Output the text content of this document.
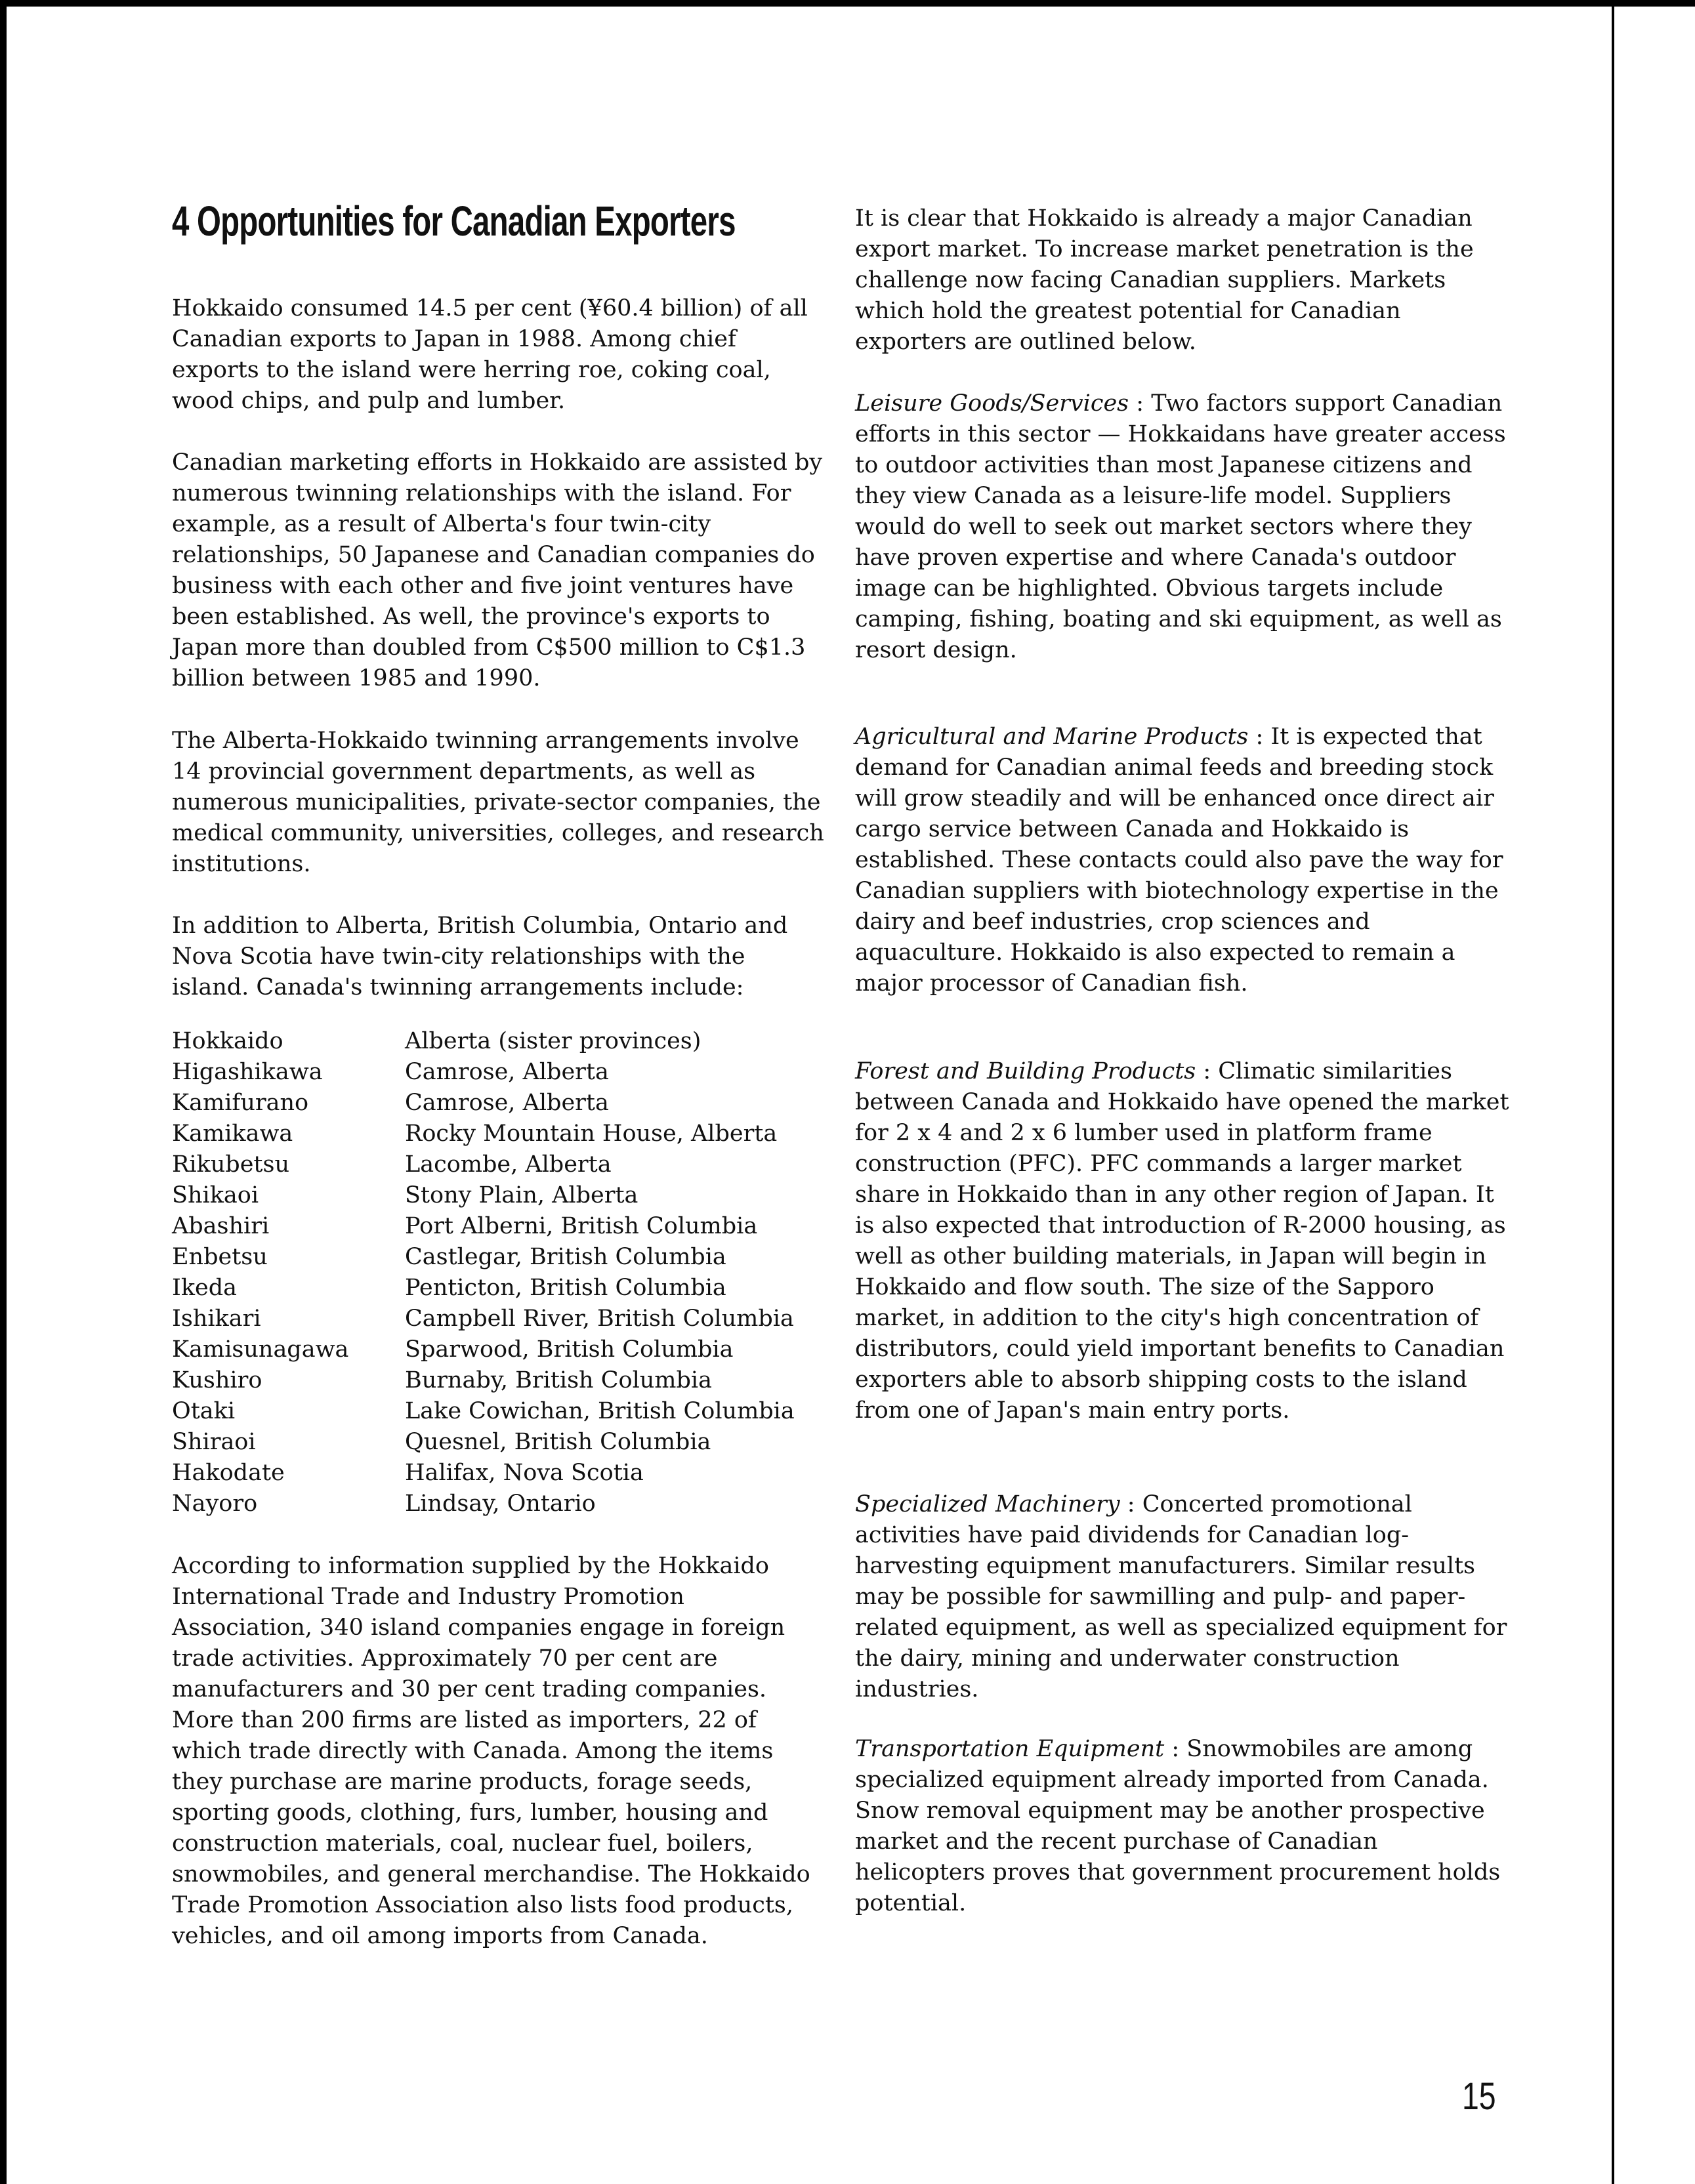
4 Opportunities for Canadian Exporters

Hokkaido consumed 14.5 per cent (¥60.4 billion) of all Canadian exports to Japan in 1988. Among chief exports to the island were herring roe, coking coal, wood chips, and pulp and lumber.

Canadian marketing efforts in Hokkaido are assisted by numerous twinning relationships with the island. For example, as a result of Alberta's four twin-city relationships, 50 Japanese and Canadian companies do business with each other and five joint ventures have been established. As well, the province's exports to Japan more than doubled from C$500 million to C$1.3 billion between 1985 and 1990.

The Alberta-Hokkaido twinning arrangements involve 14 provincial government departments, as well as numerous municipalities, private-sector companies, the medical community, universities, colleges, and research institutions.

In addition to Alberta, British Columbia, Ontario and Nova Scotia have twin-city relationships with the island. Canada's twinning arrangements include:

Hokkaido	Alberta (sister provinces)
Higashikawa	Camrose, Alberta
Kamifurano	Camrose, Alberta
Kamikawa	Rocky Mountain House, Alberta
Rikubetsu	Lacombe, Alberta
Shikaoi	Stony Plain, Alberta
Abashiri	Port Alberni, British Columbia
Enbetsu	Castlegar, British Columbia
Ikeda	Penticton, British Columbia
Ishikari	Campbell River, British Columbia
Kamisunagawa	Sparwood, British Columbia
Kushiro	Burnaby, British Columbia
Otaki	Lake Cowichan, British Columbia
Shiraoi	Quesnel, British Columbia
Hakodate	Halifax, Nova Scotia
Nayoro	Lindsay, Ontario

According to information supplied by the Hokkaido International Trade and Industry Promotion Association, 340 island companies engage in foreign trade activities. Approximately 70 per cent are manufacturers and 30 per cent trading companies. More than 200 firms are listed as importers, 22 of which trade directly with Canada. Among the items they purchase are marine products, forage seeds, sporting goods, clothing, furs, lumber, housing and construction materials, coal, nuclear fuel, boilers, snowmobiles, and general merchandise. The Hokkaido Trade Promotion Association also lists food products, vehicles, and oil among imports from Canada.

It is clear that Hokkaido is already a major Canadian export market. To increase market penetration is the challenge now facing Canadian suppliers. Markets which hold the greatest potential for Canadian exporters are outlined below.

Leisure Goods/Services : Two factors support Canadian efforts in this sector — Hokkaidans have greater access to outdoor activities than most Japanese citizens and they view Canada as a leisure-life model. Suppliers would do well to seek out market sectors where they have proven expertise and where Canada's outdoor image can be highlighted. Obvious targets include camping, fishing, boating and ski equipment, as well as resort design.

Agricultural and Marine Products : It is expected that demand for Canadian animal feeds and breeding stock will grow steadily and will be enhanced once direct air cargo service between Canada and Hokkaido is established. These contacts could also pave the way for Canadian suppliers with biotechnology expertise in the dairy and beef industries, crop sciences and aquaculture. Hokkaido is also expected to remain a major processor of Canadian fish.

Forest and Building Products : Climatic similarities between Canada and Hokkaido have opened the market for 2 x 4 and 2 x 6 lumber used in platform frame construction (PFC). PFC commands a larger market share in Hokkaido than in any other region of Japan. It is also expected that introduction of R-2000 housing, as well as other building materials, in Japan will begin in Hokkaido and flow south. The size of the Sapporo market, in addition to the city's high concentration of distributors, could yield important benefits to Canadian exporters able to absorb shipping costs to the island from one of Japan's main entry ports.

Specialized Machinery : Concerted promotional activities have paid dividends for Canadian log-harvesting equipment manufacturers. Similar results may be possible for sawmilling and pulp- and paper-related equipment, as well as specialized equipment for the dairy, mining and underwater construction industries.

Transportation Equipment : Snowmobiles are among specialized equipment already imported from Canada. Snow removal equipment may be another prospective market and the recent purchase of Canadian helicopters proves that government procurement holds potential.

15
